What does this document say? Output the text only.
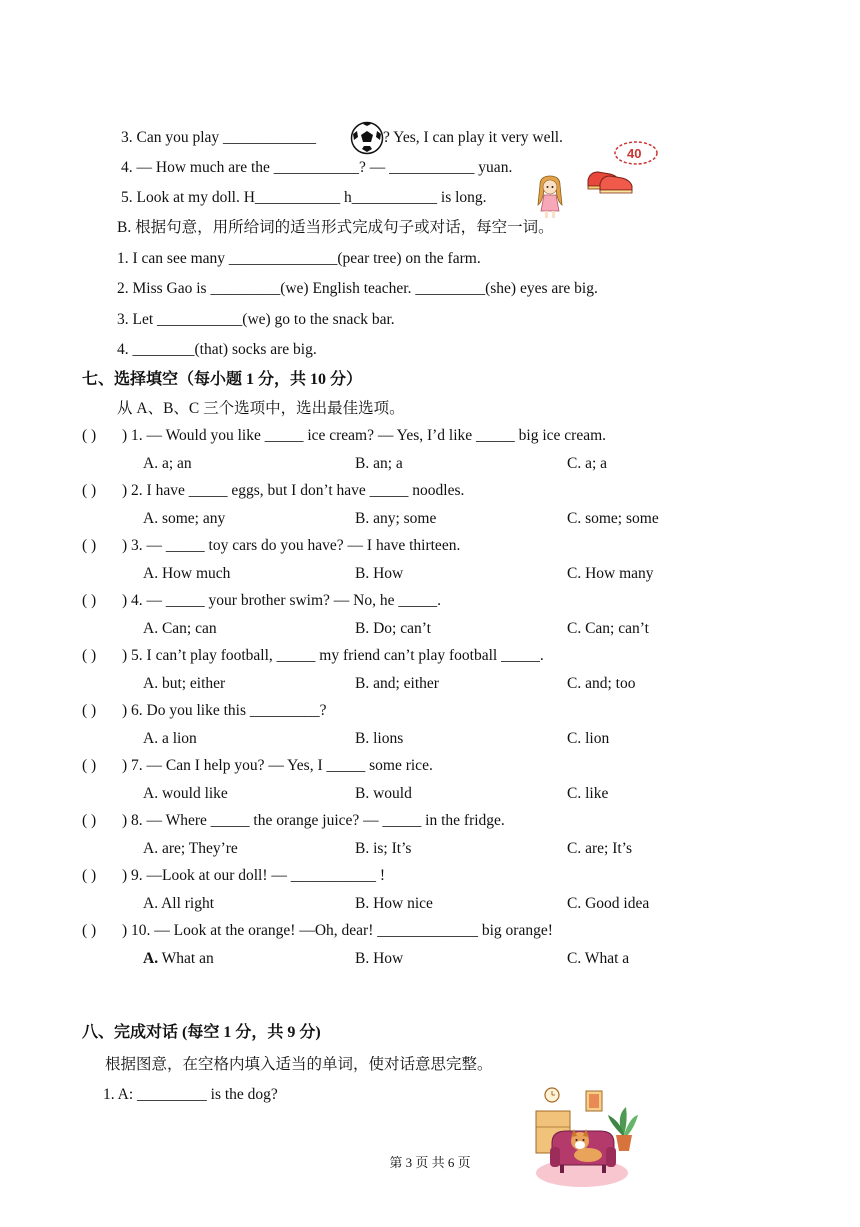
3. Can you play ____________	? Yes, I can play it very well.
4. — How much are the ___________? — ___________ yuan.
40
5. Look at my doll. H___________ h___________ is long.
B. 根据句意，用所给词的适当形式完成句子或对话，每空一词。
1. I can see many ______________(pear tree) on the farm.
2. Miss Gao is _________(we) English teacher. _________(she) eyes are big.
3. Let ___________(we) go to the snack bar.
4. ________(that) socks are big.
七、选择填空（每小题 1 分，共 10 分）
从 A、B、C 三个选项中，选出最佳选项。
( ) ) 1. — Would you like _____ ice cream? — Yes, I’d like _____ big ice cream.
A. a; an	B. an; a	C. a; a
( ) ) 2. I have _____ eggs, but I don’t have _____ noodles.
A. some; any	B. any; some	C. some; some
( ) ) 3. — _____ toy cars do you have? — I have thirteen.
A. How much	B. How	C. How many
( ) ) 4. — _____ your brother swim? — No, he _____.
A. Can; can	B. Do; can’t	C. Can; can’t
( ) ) 5. I can’t play football, _____ my friend can’t play football _____.
A. but; either	B. and; either	C. and; too
( ) ) 6. Do you like this _________?
A. a lion	B. lions	C. lion
( ) ) 7. — Can I help you? — Yes, I _____ some rice.
A. would like	B. would	C. like
( ) ) 8. — Where _____ the orange juice? — _____ in the fridge.
A. are; They’re	B. is; It’s	C. are; It’s
( ) ) 9. —Look at our doll! — ___________ !
A. All right	B. How nice	C. Good idea
( ) ) 10. — Look at the orange! —Oh, dear! _____________ big orange!
A. What an	B. How	C. What a
八、完成对话 (每空 1 分，共 9 分)
根据图意，在空格内填入适当的单词，使对话意思完整。
1. A: _________ is the dog?
第 3 页 共 6 页
